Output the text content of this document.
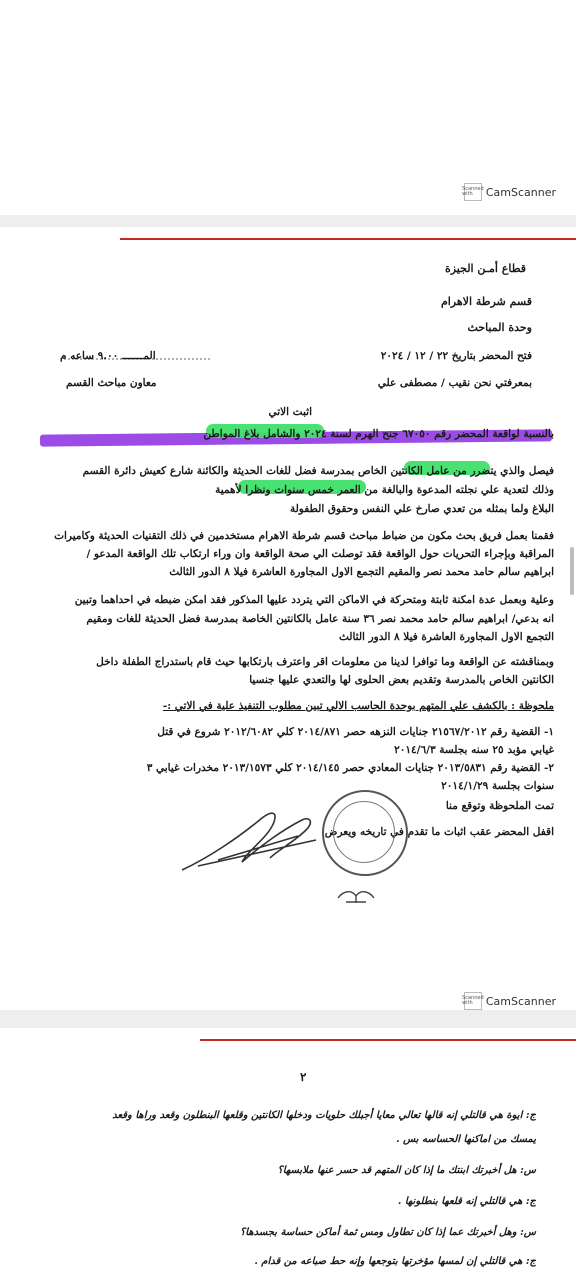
Scanned with	CamScanner
قطاع أمـن الجيزة
قسم شرطة الاهرام
وحدة المباحث
فتح المحضر بتاريخ ٢٢ / ١٢ / ٢٠٢٤
المـــــــ ٩.٠٠ ساعه م
بمعرفتي نحن نقيب / مصطفى علي
معاون مباحث القسم
اثبت الاتي
بالنسبة لواقعة المحضر رقم ٦٧٠٥٠ جنح الهرم لسنة ٢٠٢٤ والشامل بلاغ المواطن
فيصل والذي يتضرر من عامل الكانتين الخاص بمدرسة فضل للغات الحديثة والكائنة شارع كعيش دائرة القسم
وذلك لتعدية علي نجلته المدعوة والبالغة من العمر خمس سنوات ونظرا لأهمية
البلاغ ولما بمثله من تعدي صارخ علي النفس وحقوق الطفولة
فقمنا بعمل فريق بحث مكون من ضباط مباحث قسم شرطة الاهرام مستخدمين في ذلك التقنيات الحديثة وكاميرات
المراقبة وبإجراء التحريات حول الواقعة فقد توصلت الي صحة الواقعة وان وراء ارتكاب تلك الواقعة المدعو /
ابراهيم سالم حامد محمد نصر والمقيم التجمع الاول المجاورة العاشرة فيلا ٨ الدور الثالث
وعلية وبعمل عدة امكنة ثابتة ومتحركة في الاماكن التي يتردد عليها المذكور فقد امكن ضبطه في احداهما وتبين
انه بدعي/ ابراهيم سالم حامد محمد نصر ٣٦ سنة عامل بالكانتين الخاصة بمدرسة فضل الحديثة للغات ومقيم
التجمع الاول المجاورة العاشرة فيلا ٨ الدور الثالث
وبمناقشته عن الواقعة وما توافرا لدينا من معلومات اقر واعترف بارتكابها حيث قام باستدراج الطفلة داخل
الكانتين الخاص بالمدرسة وتقديم بعض الحلوى لها والتعدي عليها جنسيا
ملحوظة : بالكشف علي المتهم بوحدة الحاسب الالي تبين مطلوب التنفيذ علية في الاتي :-
١- القضية رقم ٢١٥٦٧/٢٠١٢ جنايات النزهه حصر ٢٠١٤/٨٧١ كلي ٢٠١٢/٦٠٨٢ شروع في قتل
غيابي مؤبد ٢٥ سنه بجلسة ٢٠١٤/٦/٣
٢- القضية رقم ٢٠١٣/٥٨٣١ جنايات المعادي حصر ٢٠١٤/١٤٥ كلي ٢٠١٣/١٥٧٣ مخدرات غيابي ٣
سنوات بجلسة ٢٠١٤/١/٢٩
تمت الملحوظة وتوقع منا
اقفل المحضر عقب اثبات ما تقدم في تاريخه ويعرض
Scanned with	CamScanner
٢
ج: ايوة هي قالتلي إنه قالها تعالي معايا أجبلك حلويات ودخلها الكانتين وقلعها البنطلون وقعد وراها وقعد
يمسك من اماكنها الحساسه بس .
س: هل أخبرتك ابنتك ما إذا كان المتهم قد حسر عنها ملابسها؟
ج: هي قالتلي إنه قلعها بنطلونها .
س: وهل أخبرتك عما إذا كان تطاول ومس ثمة أماكن حساسة بجسدها؟
ج: هي قالتلي إن لمسها مؤخرتها بتوجعها وإنه حط صباعه من قدام .
